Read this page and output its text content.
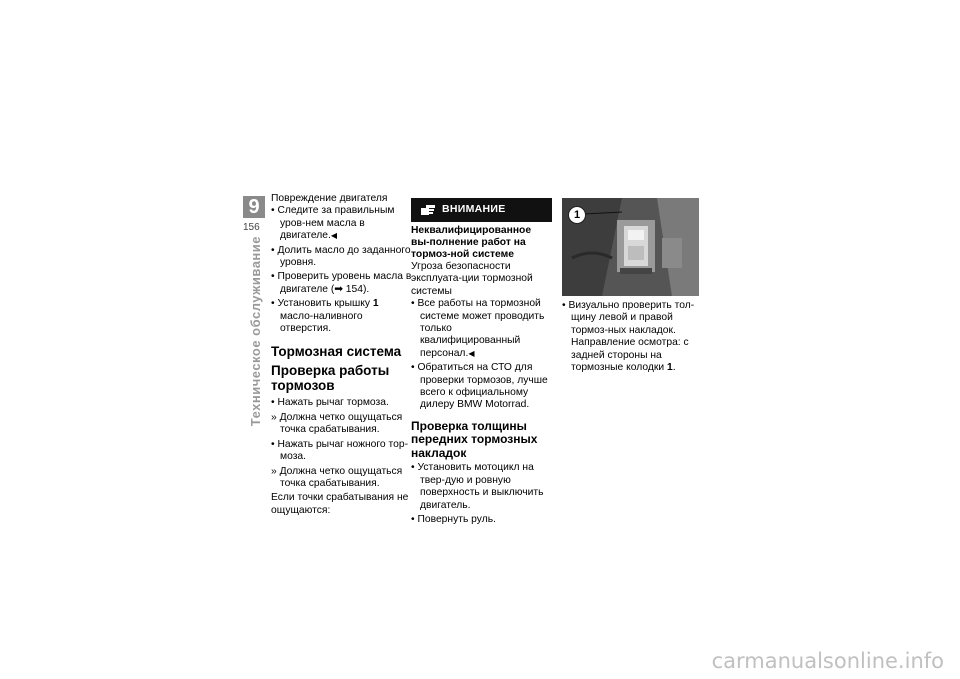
9
156
Техническое обслуживание

Повреждение двигателя

• Следите за правильным уров-нем масла в двигателе.◀

• Долить масло до заданного уровня.

• Проверить уровень масла в двигателе (➡ 154).

• Установить крышку 1 масло-наливного отверстия.

Тормозная система
Проверка работы тормозов

• Нажать рычаг тормоза.

» Должна четко ощущаться точка срабатывания.

• Нажать рычаг ножного тор-моза.

» Должна четко ощущаться точка срабатывания.

Если точки срабатывания не ощущаются:

ВНИМАНИЕ

Неквалифицированное вы-полнение работ на тормоз-ной системе

Угроза безопасности эксплуата-ции тормозной системы

• Все работы на тормозной системе может проводить только квалифицированный персонал.◀

• Обратиться на СТО для проверки тормозов, лучше всего к официальному дилеру BMW Motorrad.

Проверка толщины передних тормозных накладок

• Установить мотоцикл на твер-дую и ровную поверхность и выключить двигатель.

• Повернуть руль.

1

• Визуально проверить тол-щину левой и правой тормоз-ных накладок. Направление осмотра: с задней стороны на тормозные колодки 1.

carmanualsonline.info
